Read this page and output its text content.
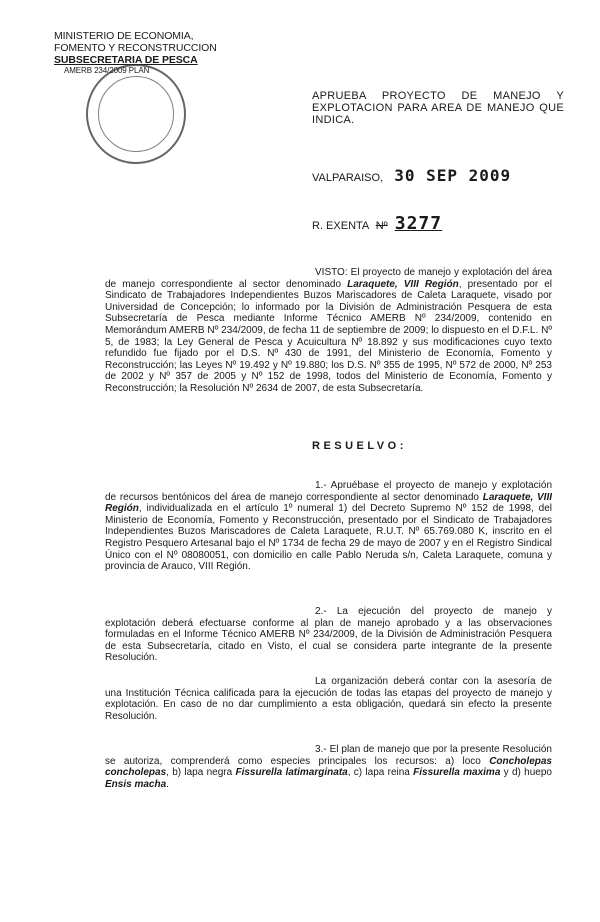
MINISTERIO DE ECONOMIA,
FOMENTO Y RECONSTRUCCION
SUBSECRETARIA DE PESCA
AMERB 234/2009 PLAN
APRUEBA PROYECTO DE MANEJO Y
EXPLOTACION PARA AREA DE MANEJO QUE
INDICA.
VALPARAISO, 30 SEP 2009
R. EXENTA Nº 3277
VISTO: El proyecto de manejo y explotación del área de manejo correspondiente al sector denominado Laraquete, VIII Región, presentado por el Sindicato de Trabajadores Independientes Buzos Mariscadores de Caleta Laraquete, visado por Universidad de Concepción; lo informado por la División de Administración Pesquera de esta Subsecretaría de Pesca mediante Informe Técnico AMERB Nº 234/2009, contenido en Memorándum AMERB Nº 234/2009, de fecha 11 de septiembre de 2009; lo dispuesto en el D.F.L. Nº 5, de 1983; la Ley General de Pesca y Acuicultura Nº 18.892 y sus modificaciones cuyo texto refundido fue fijado por el D.S. Nº 430 de 1991, del Ministerio de Economía, Fomento y Reconstrucción; las Leyes Nº 19.492 y Nº 19.880; los D.S. Nº 355 de 1995, Nº 572 de 2000, Nº 253 de 2002 y Nº 357 de 2005 y Nº 152 de 1998, todos del Ministerio de Economía, Fomento y Reconstrucción; la Resolución Nº 2634 de 2007, de esta Subsecretaría.
RESUELVO:
1.- Apruébase el proyecto de manejo y explotación de recursos bentónicos del área de manejo correspondiente al sector denominado Laraquete, VIII Región, individualizada en el artículo 1º numeral 1) del Decreto Supremo Nº 152 de 1998, del Ministerio de Economía, Fomento y Reconstrucción, presentado por el Sindicato de Trabajadores Independientes Buzos Mariscadores de Caleta Laraquete, R.U.T. Nº 65.769.080 K, inscrito en el Registro Pesquero Artesanal bajo el Nº 1734 de fecha 29 de mayo de 2007 y en el Registro Sindical Único con el Nº 08080051, con domicilio en calle Pablo Neruda s/n, Caleta Laraquete, comuna y provincia de Arauco, VIII Región.
2.- La ejecución del proyecto de manejo y explotación deberá efectuarse conforme al plan de manejo aprobado y a las observaciones formuladas en el Informe Técnico AMERB Nº 234/2009, de la División de Administración Pesquera de esta Subsecretaría, citado en Visto, el cual se considera parte integrante de la presente Resolución.
La organización deberá contar con la asesoría de una Institución Técnica calificada para la ejecución de todas las etapas del proyecto de manejo y explotación. En caso de no dar cumplimiento a esta obligación, quedará sin efecto la presente Resolución.
3.- El plan de manejo que por la presente Resolución se autoriza, comprenderá como especies principales los recursos: a) loco Concholepas concholepas, b) lapa negra Fissurella latimarginata, c) lapa reina Fissurella maxima y d) huepo Ensis macha.
